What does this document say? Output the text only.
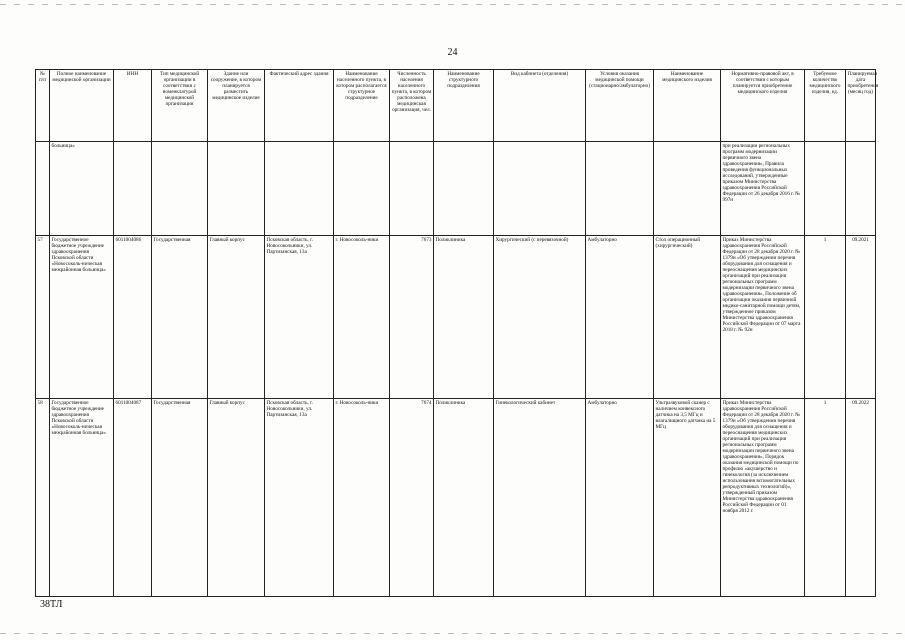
24
№ п/п	Полное наименование медицинской организации	ИНН	Тип медицинской организации в соответствии с номенклатурой медицинской организации	Здание или сооружение, в котором планируется разместить медицинское изделие	Фактический адрес здания	Наименование населенного пункта, в котором располагается структурное подразделение	Численность населения населенного пункта, в котором расположена медицинская организация, чел.	Наименование структурного подразделения	Вид кабинета (отделения)	Условия оказания медицинской помощи (стационарно/амбулаторно)	Наименование медицинского изделия	Нормативно-правовой акт, в соответствии с которым планируется приобретение медицинского изделия	Требуемое количество медицинского изделия, ед.	Планируемая дата приобретения (месяц год)
	больница»											при реализации региональных программ модернизации первичного звена здравоохранения», Правила проведения функциональных исследований, утвержденные приказом Министерства здравоохранения Российской Федерации от 26 декабря 2016 г. № 997н		
57	Государственное бюджетное учреждение здравоохранения Псковской области «Новосоколь-ническая межрайонная больница»	6011004086	Государственная	Главный корпус	Псковская область, г. Новосокольники, ул. Партизанская, 13а	г. Новосоколь-ники	7673	Поликлиника	Хирургический (с перевязочной)	Амбулаторно	Стол операционный (хирургический)	Приказ Министерства здравоохранения Российской Федерации от 28 декабря 2020 г. № 1379н «Об утверждении перечня оборудования для оснащения и переоснащения медицинских организаций при реализации региональных программ модернизации первичного звена здравоохранения», Положение об организации оказания первичной медико-санитарной помощи детям, утвержденное приказом Министерства здравоохранения Российской Федерации от 07 марта 2018 г. № 92н	1	09.2021
58	Государственное бюджетное учреждение здравоохранения Псковской области «Новосоколь-ническая межрайонная больница»	6011004087	Государственная	Главный корпус	Псковская область, г. Новосокольники, ул. Партизанская, 13а	г. Новосоколь-ники	7674	Поликлиника	Гинекологический кабинет	Амбулаторно	Ультразвуковой сканер с наличием конвексного датчика на 3,5 МГц и влагалищного датчика на 5 МГц	Приказ Министерства здравоохранения Российской Федерации от 28 декабря 2020 г. № 1379н «Об утверждении перечня оборудования для оснащения и переоснащения медицинских организаций при реализации региональных программ модернизации первичного звена здравоохранения», Порядок оказания медицинской помощи по профилю «акушерство и гинекология (за исключением использования вспомогательных репродуктивных технологий)», утвержденный приказом Министерства здравоохранения Российской Федерации от 01 ноября 2012 г.	1	09.2022
38ТЛ
